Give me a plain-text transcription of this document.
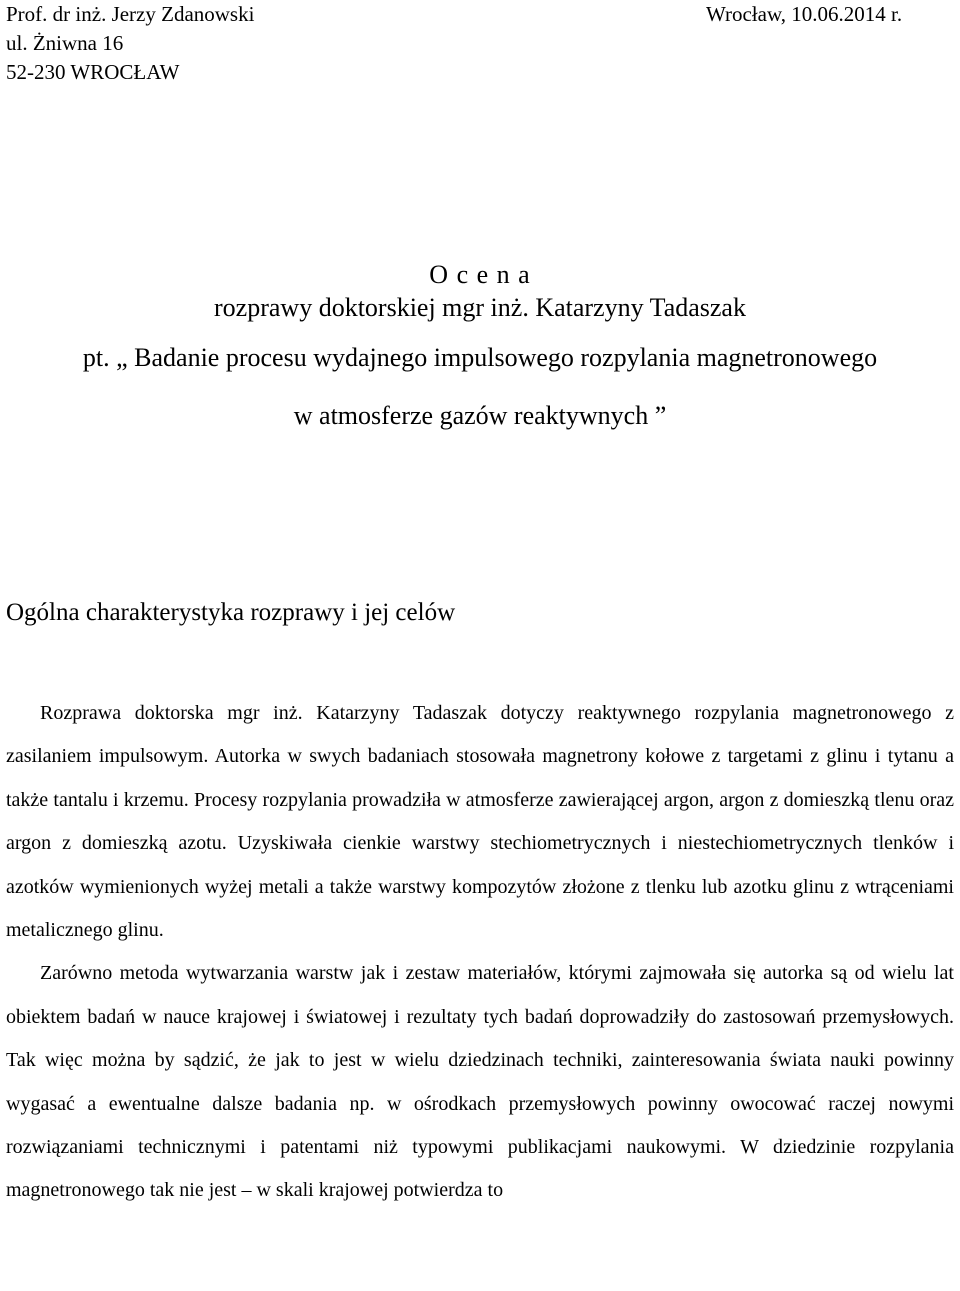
Prof. dr inż. Jerzy Zdanowski
ul. Żniwna 16
52-230 WROCŁAW
Wrocław, 10.06.2014 r.
O c e n a
rozprawy doktorskiej mgr inż. Katarzyny Tadaszak
pt. „ Badanie procesu wydajnego impulsowego rozpylania magnetronowego
w atmosferze gazów reaktywnych ”
Ogólna charakterystyka rozprawy i jej celów

Rozprawa doktorska mgr inż. Katarzyny Tadaszak dotyczy reaktywnego rozpylania magnetronowego z zasilaniem impulsowym. Autorka w swych badaniach stosowała magnetrony kołowe z targetami z glinu i tytanu a także tantalu i krzemu. Procesy rozpylania prowadziła w atmosferze zawierającej argon, argon z domieszką tlenu oraz argon z domieszką azotu. Uzyskiwała cienkie warstwy stechiometrycznych i niestechiometrycznych tlenków i azotków wymienionych wyżej metali a także warstwy kompozytów złożone z tlenku lub azotku glinu z wtrąceniami metalicznego glinu.

Zarówno metoda wytwarzania warstw jak i zestaw materiałów, którymi zajmowała się autorka są od wielu lat obiektem badań w nauce krajowej i światowej i rezultaty tych badań doprowadziły do zastosowań przemysłowych. Tak więc można by sądzić, że jak to jest w wielu dziedzinach techniki, zainteresowania świata nauki powinny wygasać a ewentualne dalsze badania np. w ośrodkach przemysłowych powinny owocować raczej nowymi rozwiązaniami technicznymi i patentami niż typowymi publikacjami naukowymi. W dziedzinie rozpylania magnetronowego tak nie jest – w skali krajowej potwierdza to
